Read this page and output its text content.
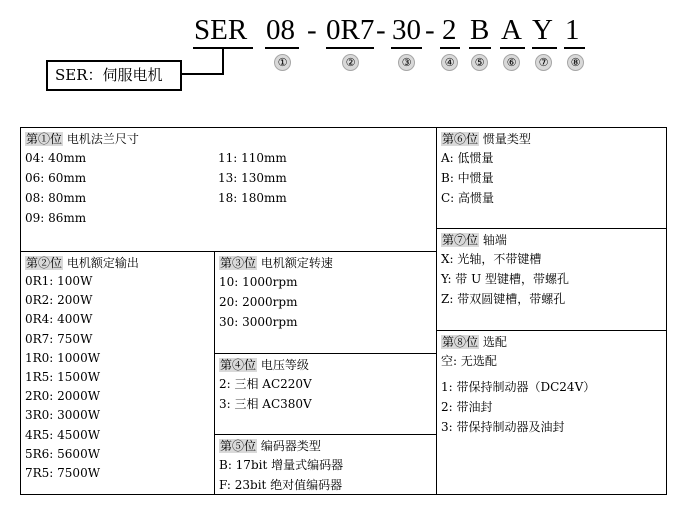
SER 08 - 0R7 - 30 - 2 B A Y 1
①	②	③	④	⑤	⑥	⑦	⑧
SER：伺服电机
第①位 电机法兰尺寸
04: 40mm	11: 110mm
06: 60mm	13: 130mm
08: 80mm	18: 180mm
09: 86mm
第②位 电机额定输出
0R1: 100W
0R2: 200W
0R4: 400W
0R7: 750W
1R0: 1000W
1R5: 1500W
2R0: 2000W
3R0: 3000W
4R5: 4500W
5R6: 5600W
7R5: 7500W
第③位 电机额定转速
10: 1000rpm
20: 2000rpm
30: 3000rpm
第④位 电压等级
2: 三相 AC220V
3: 三相 AC380V
第⑤位 编码器类型
B: 17bit 增量式编码器
F: 23bit 绝对值编码器
第⑥位 惯量类型
A: 低惯量
B: 中惯量
C: 高惯量
第⑦位 轴端
X: 光轴，不带键槽
Y: 带 U 型键槽，带螺孔
Z: 带双圆键槽，带螺孔
第⑧位 选配
空: 无选配
1: 带保持制动器（DC24V）
2: 带油封
3: 带保持制动器及油封
